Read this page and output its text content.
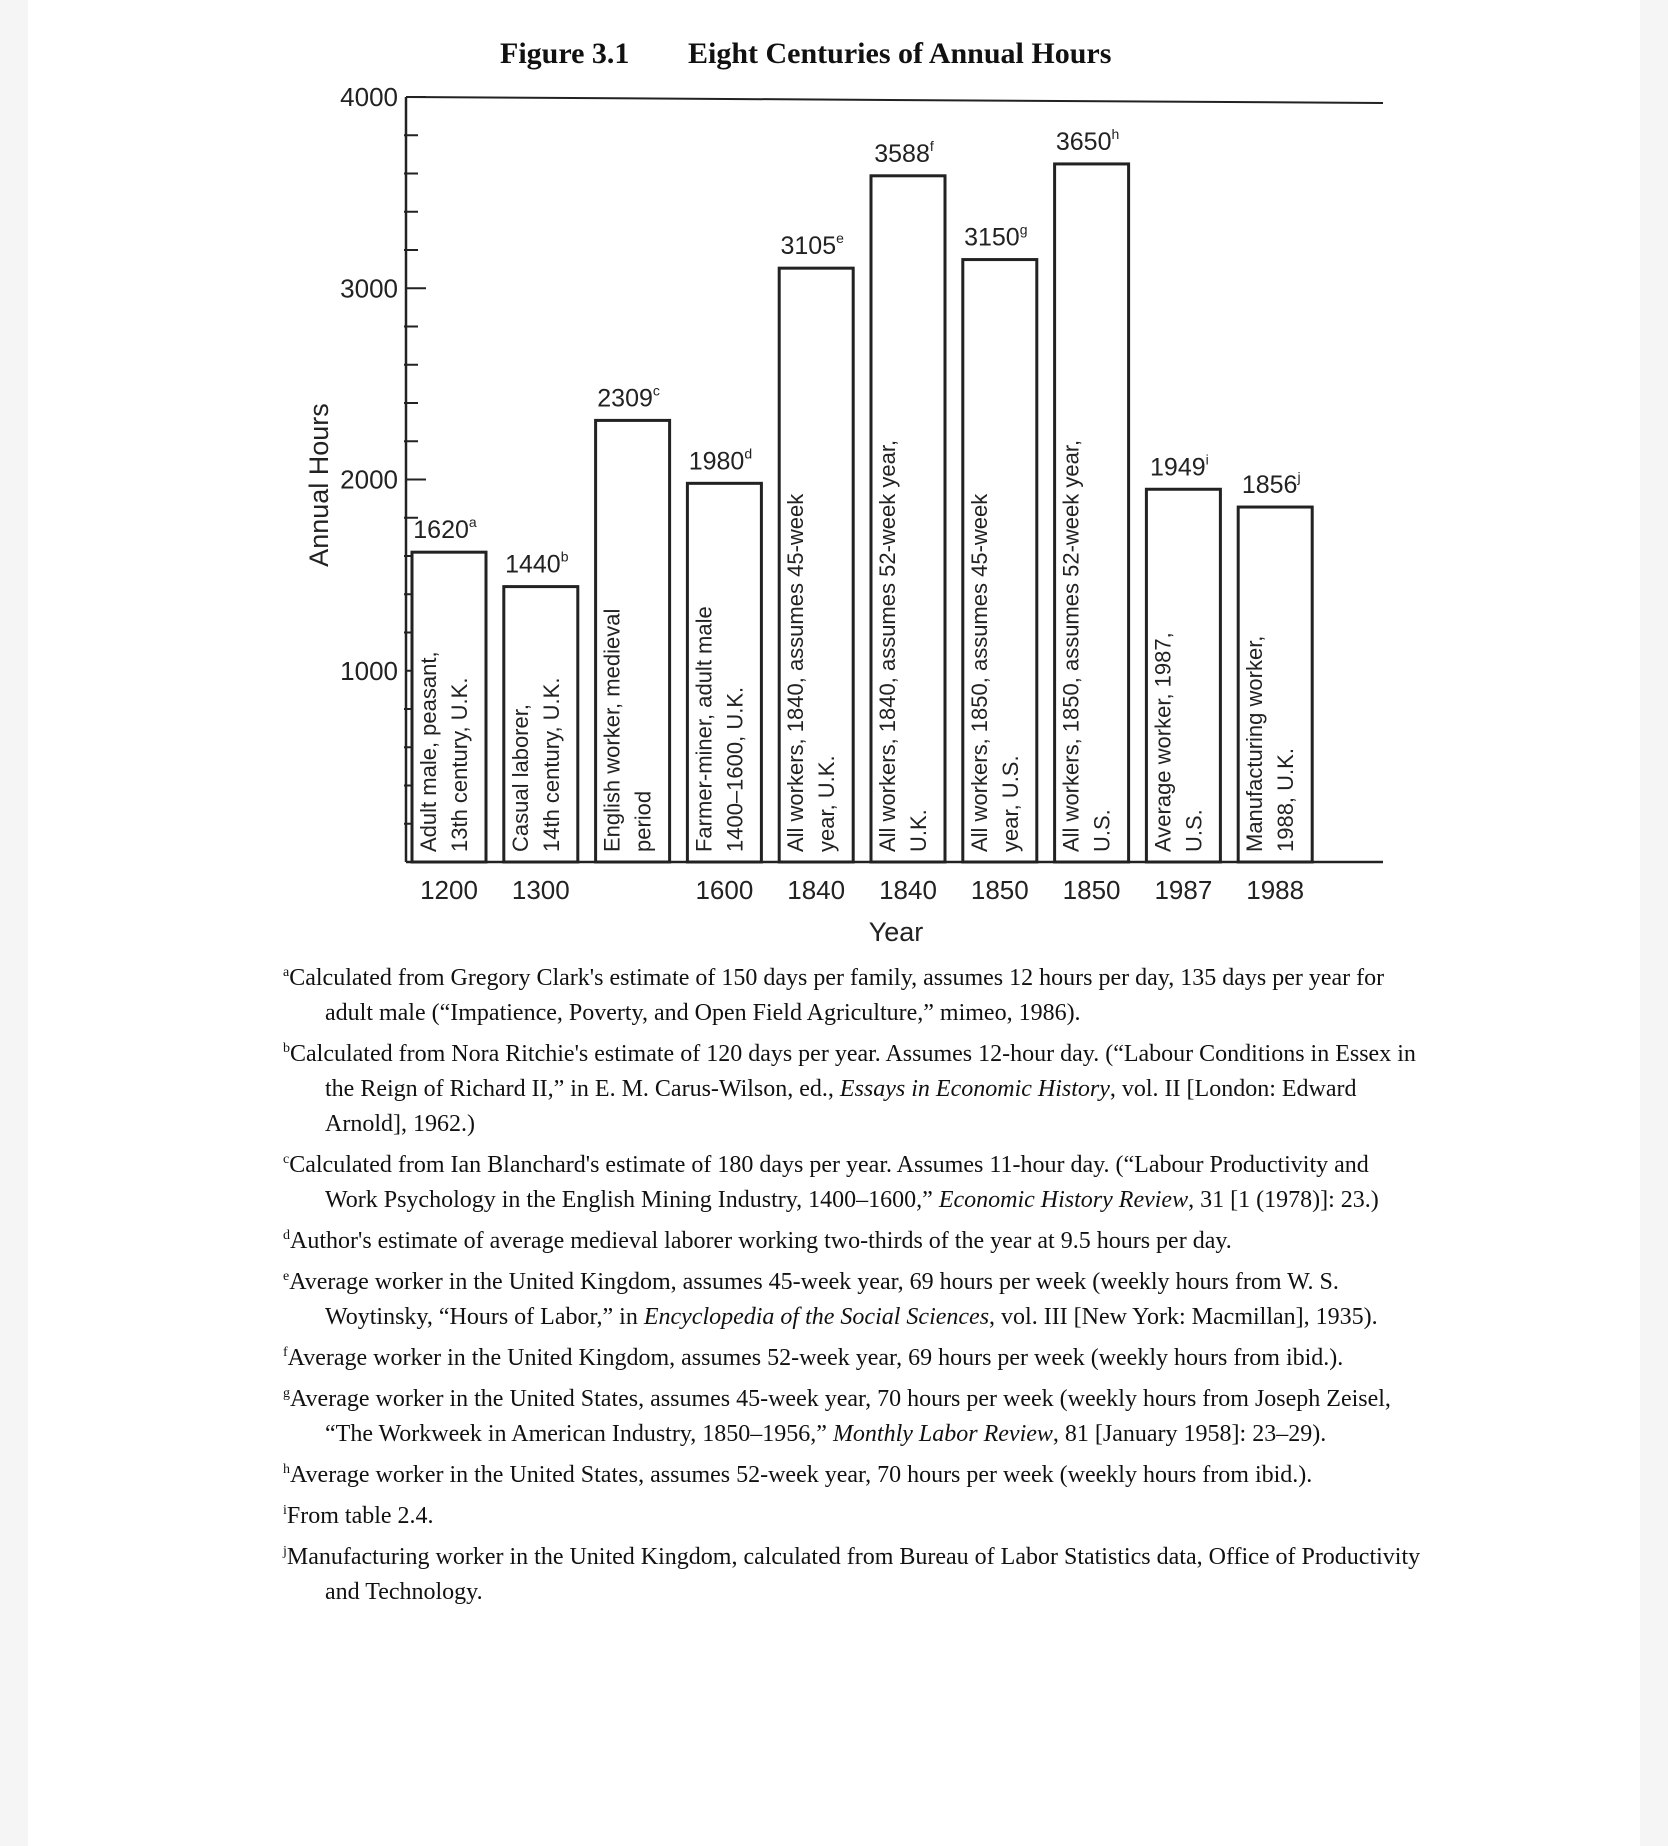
Figure 3.1 Eight Centuries of Annual Hours
Annual Hours
Year
1000
2000
3000
4000
1620$^a$
Adult male, peasant, 13th century, U.K.
1200
1440$^b$
Casual laborer, 14th century, U.K.
1300
2309$^c$
English worker, medieval period
1980$^d$
Farmer-miner, adult male 1400–1600, U.K.
1600
3105e
All workers, 1840, assumes 45-week year, U.K.
1840
3588$^f$
All workers, 1840, assumes 52-week year, U.K.
1840
3150$^g$
All workers, 1850, assumes 45-week year, U.S.
1850
3650$^h$
All workers, 1850, assumes 52-week year, U.S.
1850
1949$^i$
Average worker, 1987, U.S.
1987
1856$^j$
Manufacturing worker, 1988, U.K.
1988

$^a$Calculated from Gregory Clark's estimate of 150 days per family, assumes 12 hours per day, 135 days per year for adult male (“Impatience, Poverty, and Open Field Agriculture,” mimeo, 1986).

$^b$Calculated from Nora Ritchie's estimate of 120 days per year. Assumes 12-hour day. (“Labour Conditions in Essex in the Reign of Richard II,” in E. M. Carus-Wilson, ed., Essays in Economic History, vol. II [London: Edward Arnold], 1962.)

$^c$Calculated from Ian Blanchard's estimate of 180 days per year. Assumes 11-hour day. (“Labour Productivity and Work Psychology in the English Mining Industry, 1400–1600,” Economic History Review, 31 [1 (1978)]: 23.)

$^d$Author's estimate of average medieval laborer working two-thirds of the year at 9.5 hours per day.

$^e$Average worker in the United Kingdom, assumes 45-week year, 69 hours per week (weekly hours from W. S. Woytinsky, “Hours of Labor,” in Encyclopedia of the Social Sciences, vol. III [New York: Macmillan], 1935).

$^f$Average worker in the United Kingdom, assumes 52-week year, 69 hours per week (weekly hours from ibid.).

$^g$Average worker in the United States, assumes 45-week year, 70 hours per week (weekly hours from Joseph Zeisel, “The Workweek in American Industry, 1850–1956,” Monthly Labor Review, 81 [January 1958]: 23–29).

$^h$Average worker in the United States, assumes 52-week year, 70 hours per week (weekly hours from ibid.).

$^i$From table 2.4.

$^j$Manufacturing worker in the United Kingdom, calculated from Bureau of Labor Statistics data, Office of Productivity and Technology.
